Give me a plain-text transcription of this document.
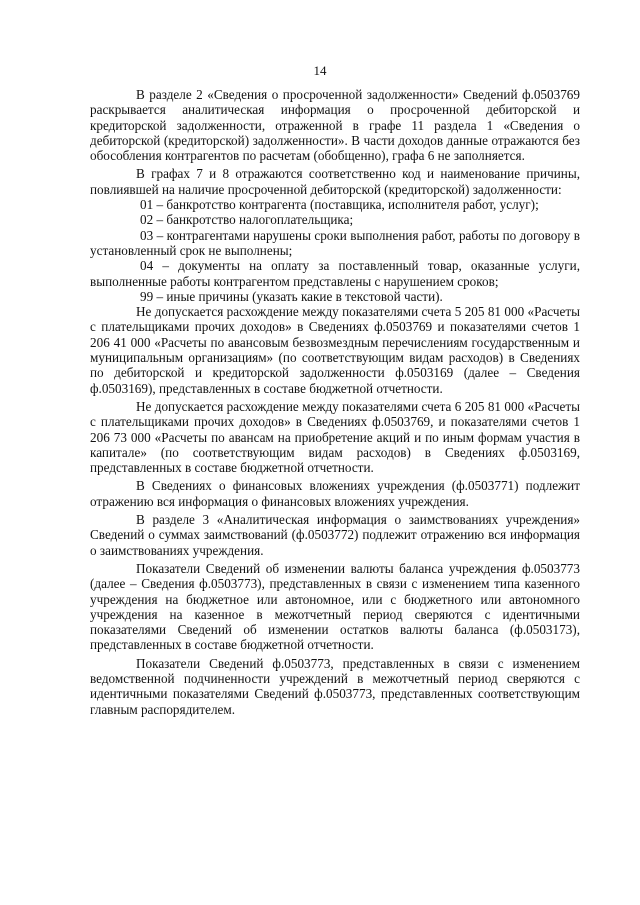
14

В разделе 2 «Сведения о просроченной задолженности» Сведений ф.0503769 раскрывается аналитическая информация о просроченной дебиторской и кредиторской задолженности, отраженной в графе 11 раздела 1 «Сведения о дебиторской (кредиторской) задолженности». В части доходов данные отражаются без обособления контрагентов по расчетам (обобщенно), графа 6 не заполняется.

В графах 7 и 8 отражаются соответственно код и наименование причины, повлиявшей на наличие просроченной дебиторской (кредиторской) задолженности:

01 – банкротство контрагента (поставщика, исполнителя работ, услуг);

02 – банкротство налогоплательщика;

03 – контрагентами нарушены сроки выполнения работ, работы по договору в установленный срок не выполнены;

04 – документы на оплату за поставленный товар, оказанные услуги, выполненные работы контрагентом представлены с нарушением сроков;

99 – иные причины (указать какие в текстовой части).

Не допускается расхождение между показателями счета 5 205 81 000 «Расчеты с плательщиками прочих доходов» в Сведениях ф.0503769 и показателями счетов 1 206 41 000 «Расчеты по авансовым безвозмездным перечислениям государственным и муниципальным организациям» (по соответствующим видам расходов) в Сведениях по дебиторской и кредиторской задолженности ф.0503169 (далее – Сведения ф.0503169), представленных в составе бюджетной отчетности.

Не допускается расхождение между показателями счета 6 205 81 000 «Расчеты с плательщиками прочих доходов» в Сведениях ф.0503769, и показателями счетов 1 206 73 000 «Расчеты по авансам на приобретение акций и по иным формам участия в капитале» (по соответствующим видам расходов) в Сведениях ф.0503169, представленных в составе бюджетной отчетности.

В Сведениях о финансовых вложениях учреждения (ф.0503771) подлежит отражению вся информация о финансовых вложениях учреждения.

В разделе 3 «Аналитическая информация о заимствованиях учреждения» Сведений о суммах заимствований (ф.0503772) подлежит отражению вся информация о заимствованиях учреждения.

Показатели Сведений об изменении валюты баланса учреждения ф.0503773 (далее – Сведения ф.0503773), представленных в связи с изменением типа казенного учреждения на бюджетное или автономное, или с бюджетного или автономного учреждения на казенное в межотчетный период сверяются с идентичными показателями Сведений об изменении остатков валюты баланса (ф.0503173), представленных в составе бюджетной отчетности.

Показатели Сведений ф.0503773, представленных в связи с изменением ведомственной подчиненности учреждений в межотчетный период сверяются с идентичными показателями Сведений ф.0503773, представленных соответствующим главным распорядителем.
